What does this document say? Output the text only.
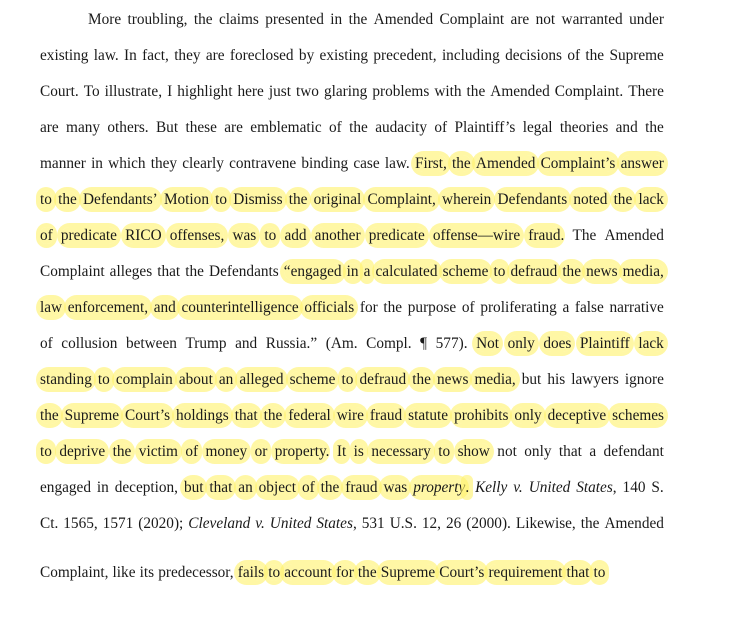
More troubling, the claims presented in the Amended Complaint are not warranted under
existing law. In fact, they are foreclosed by existing precedent, including decisions of the Supreme
Court. To illustrate, I highlight here just two glaring problems with the Amended Complaint. There
are many others. But these are emblematic of the audacity of Plaintiff’s legal theories and the
manner in which they clearly contravene binding case law. First, the Amended Complaint’s answer
to the Defendants’ Motion to Dismiss the original Complaint, wherein Defendants noted the lack
of predicate RICO offenses, was to add another predicate offense—wire fraud. The Amended
Complaint alleges that the Defendants “engaged in a calculated scheme to defraud the news media,
law enforcement, and counterintelligence officials for the purpose of proliferating a false narrative
of collusion between Trump and Russia.” (Am. Compl. ¶ 577). Not only does Plaintiff lack
standing to complain about an alleged scheme to defraud the news media, but his lawyers ignore
the Supreme Court’s holdings that the federal wire fraud statute prohibits only deceptive schemes
to deprive the victim of money or property. It is necessary to show not only that a defendant
engaged in deception, but that an object of the fraud was property. Kelly v. United States, 140 S.
Ct. 1565, 1571 (2020); Cleveland v. United States, 531 U.S. 12, 26 (2000). Likewise, the Amended
Complaint, like its predecessor, fails to account for the Supreme Court’s requirement that to
